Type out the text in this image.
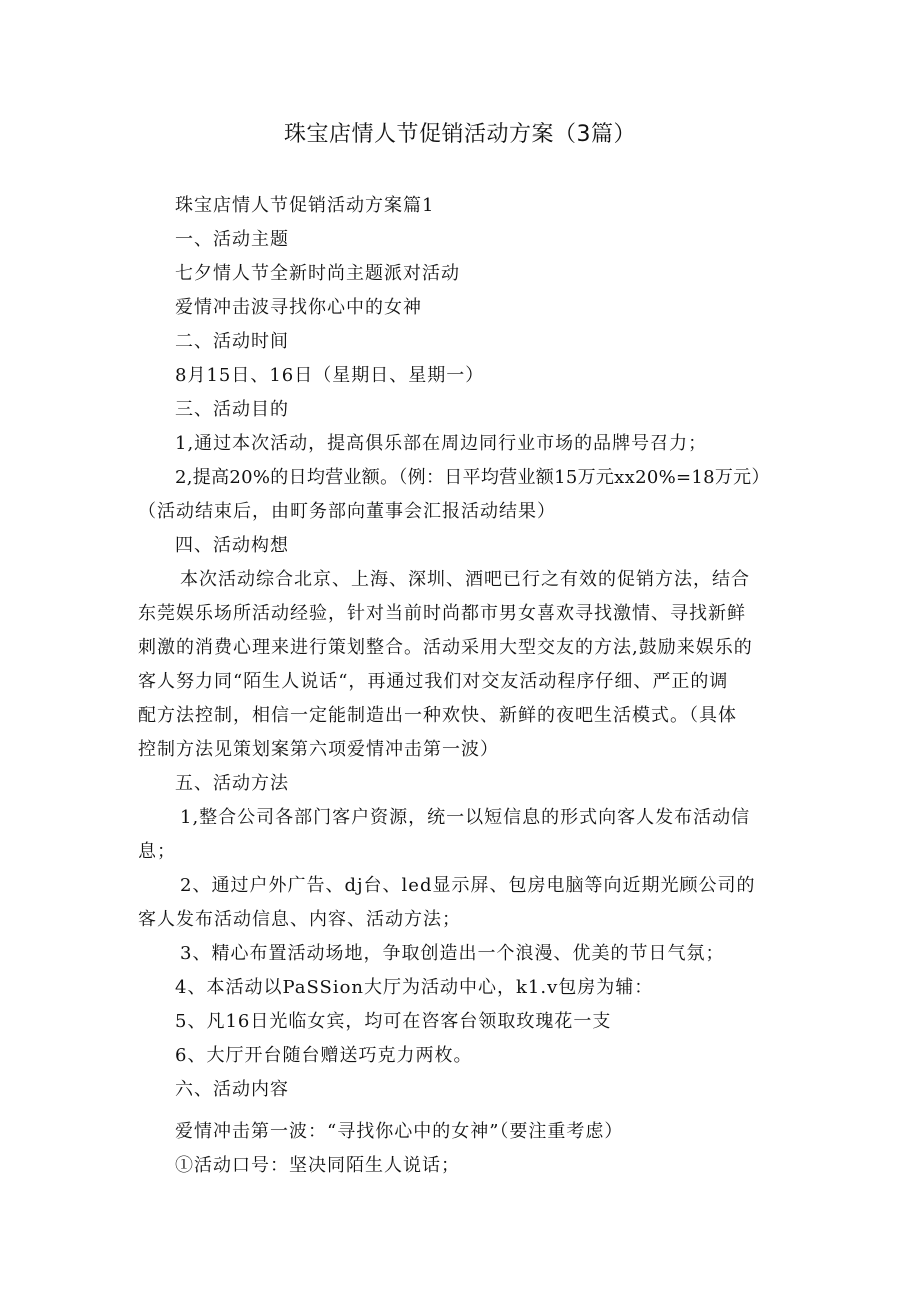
珠宝店情人节促销活动方案（3篇）
珠宝店情人节促销活动方案篇1
一、活动主题
七夕情人节全新时尚主题派对活动
爱情冲击波寻找你心中的女神
二、活动时间
8月15日、16日（星期日、星期一）
三、活动目的
1,通过本次活动，提高俱乐部在周边同行业市场的品牌号召力；
2,提高20%的日均营业额。（例：日平均营业额15万元xx20%=18万元）
（活动结束后，由町务部向董事会汇报活动结果）
四、活动构想
本次活动综合北京、上海、深圳、酒吧已行之有效的促销方法，结合
东莞娱乐场所活动经验，针对当前时尚都市男女喜欢寻找激情、寻找新鲜
刺激的消费心理来进行策划整合。活动采用大型交友的方法,鼓励来娱乐的
客人努力同“陌生人说话“，再通过我们对交友活动程序仔细、严正的调
配方法控制，相信一定能制造出一种欢快、新鲜的夜吧生活模式。（具体
控制方法见策划案第六项爱情冲击第一波）
五、活动方法
1,整合公司各部门客户资源，统一以短信息的形式向客人发布活动信
息；
2、通过户外广告、dj台、led显示屏、包房电脑等向近期光顾公司的
客人发布活动信息、内容、活动方法；
3、精心布置活动场地，争取创造出一个浪漫、优美的节日气氛；
4、本活动以PaSSion大厅为活动中心，k1.v包房为辅：
5、凡16日光临女宾，均可在咨客台领取玫瑰花一支
6、大厅开台随台赠送巧克力两枚。
六、活动内容
爱情冲击第一波：“寻找你心中的女神”（要注重考虑）
①活动口号：坚决同陌生人说话；
